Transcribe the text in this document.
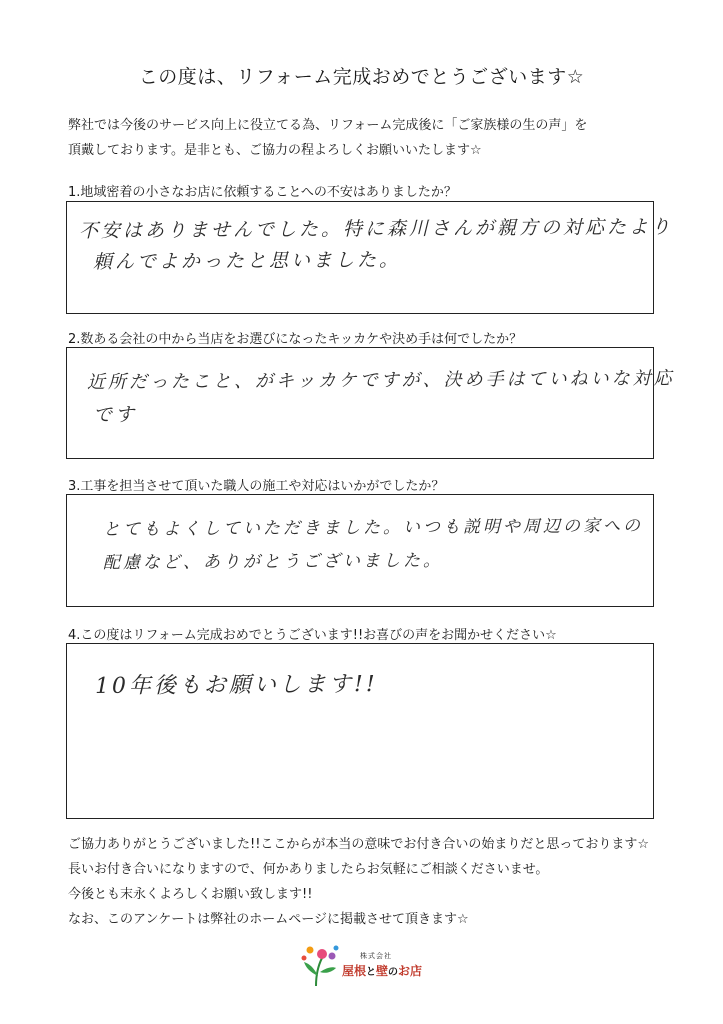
この度は、リフォーム完成おめでとうございます☆
弊社では今後のサービス向上に役立てる為、リフォーム完成後に「ご家族様の生の声」を
頂戴しております。是非とも、ご協力の程よろしくお願いいたします☆
1.地域密着の小さなお店に依頼することへの不安はありましたか？
不安はありませんでした。特に森川さんが親方の対応たより
頼んでよかったと思いました。
2.数ある会社の中から当店をお選びになったキッカケや決め手は何でしたか？
近所だったこと、がキッカケですが、決め手はていねいな対応
です
3.工事を担当させて頂いた職人の施工や対応はいかがでしたか？
とてもよくしていただきました。いつも説明や周辺の家への
配慮など、ありがとうございました。
4.この度はリフォーム完成おめでとうございます!!お喜びの声をお聞かせください☆
10年後もお願いします!!
ご協力ありがとうございました!!ここからが本当の意味でお付き合いの始まりだと思っております☆
長いお付き合いになりますので、何かありましたらお気軽にご相談くださいませ。
今後とも末永くよろしくお願い致します!!
なお、このアンケートは弊社のホームページに掲載させて頂きます☆
株式会社
屋根と壁のお店
